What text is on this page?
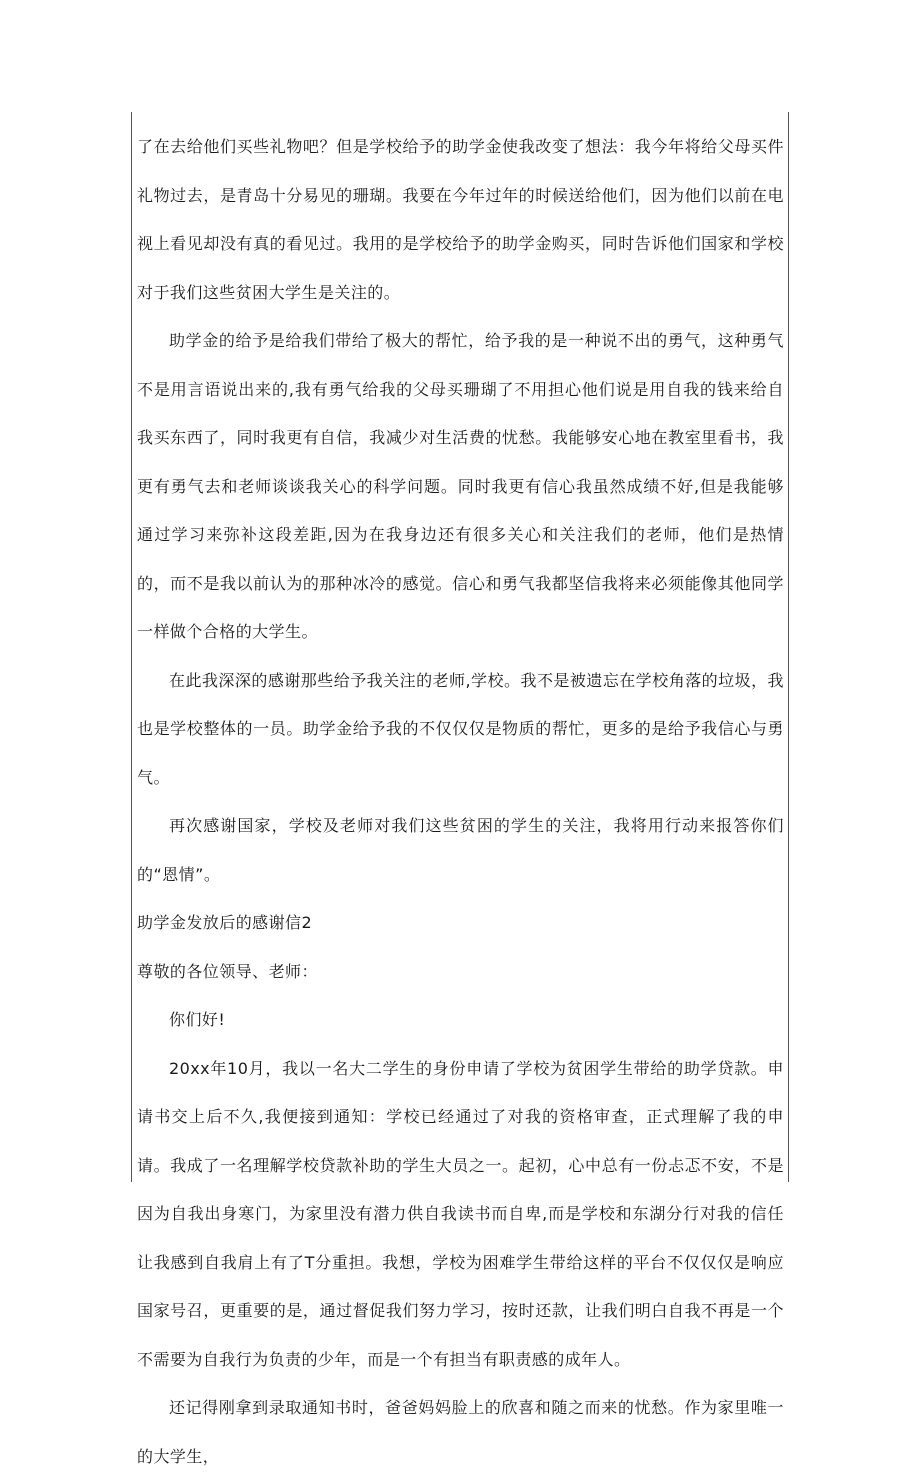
了在去给他们买些礼物吧？但是学校给予的助学金使我改变了想法：我今年将给父母买件礼物过去，是青岛十分易见的珊瑚。我要在今年过年的时候送给他们，因为他们以前在电视上看见却没有真的看见过。我用的是学校给予的助学金购买，同时告诉他们国家和学校对于我们这些贫困大学生是关注的。

助学金的给予是给我们带给了极大的帮忙，给予我的是一种说不出的勇气，这种勇气不是用言语说出来的,我有勇气给我的父母买珊瑚了不用担心他们说是用自我的钱来给自我买东西了，同时我更有自信，我减少对生活费的忧愁。我能够安心地在教室里看书，我更有勇气去和老师谈谈我关心的科学问题。同时我更有信心我虽然成绩不好,但是我能够通过学习来弥补这段差距,因为在我身边还有很多关心和关注我们的老师，他们是热情的，而不是我以前认为的那种冰冷的感觉。信心和勇气我都坚信我将来必须能像其他同学一样做个合格的大学生。

在此我深深的感谢那些给予我关注的老师,学校。我不是被遗忘在学校角落的垃圾，我也是学校整体的一员。助学金给予我的不仅仅仅是物质的帮忙，更多的是给予我信心与勇气。

再次感谢国家，学校及老师对我们这些贫困的学生的关注，我将用行动来报答你们的“恩情”。

助学金发放后的感谢信2

尊敬的各位领导、老师：

你们好!

20xx年10月，我以一名大二学生的身份申请了学校为贫困学生带给的助学贷款。申请书交上后不久,我便接到通知：学校已经通过了对我的资格审查，正式理解了我的申请。我成了一名理解学校贷款补助的学生大员之一。起初，心中总有一份忐忑不安，不是因为自我出身寒门，为家里没有潜力供自我读书而自卑,而是学校和东湖分行对我的信任让我感到自我肩上有了T分重担。我想，学校为困难学生带给这样的平台不仅仅仅是响应国家号召，更重要的是，通过督促我们努力学习，按时还款，让我们明白自我不再是一个不需要为自我行为负责的少年，而是一个有担当有职责感的成年人。

还记得刚拿到录取通知书时，爸爸妈妈脸上的欣喜和随之而来的忧愁。作为家里唯一的大学生，
